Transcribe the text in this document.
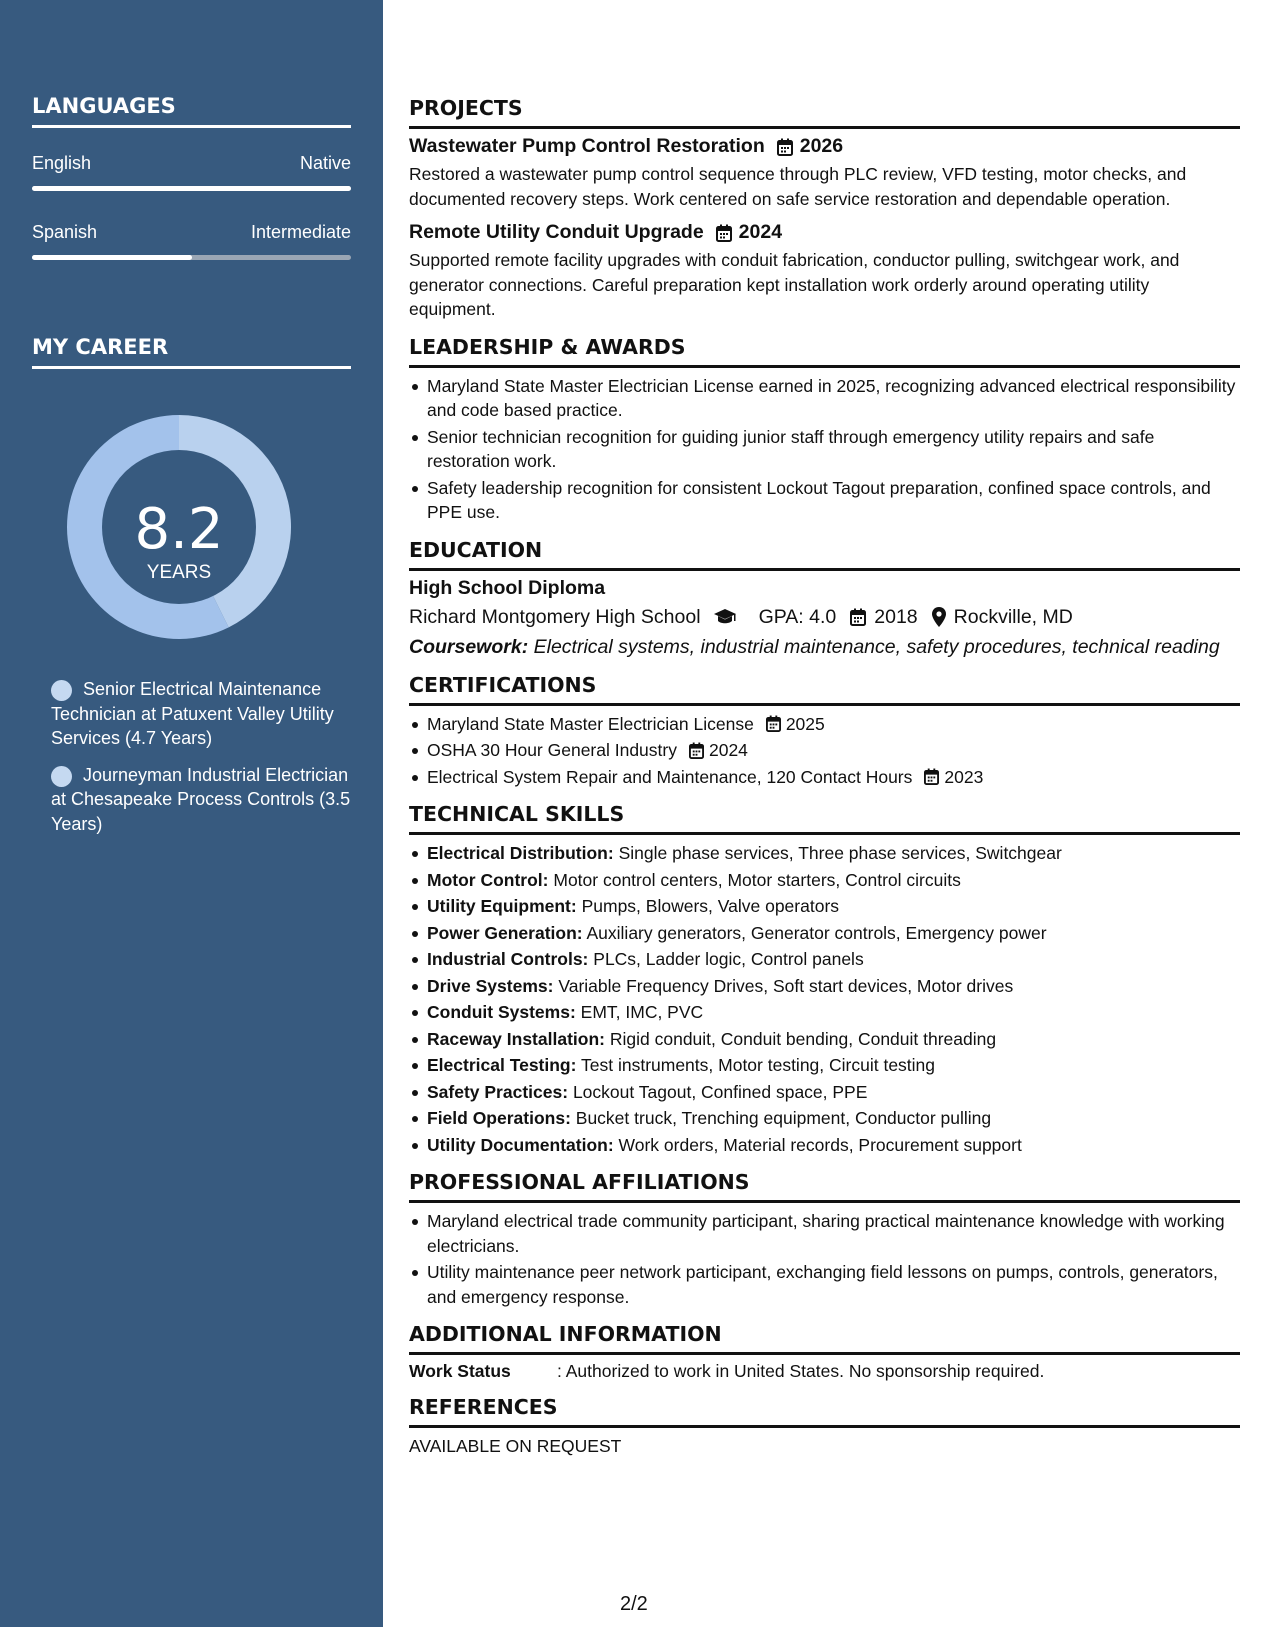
LANGUAGES
English	Native
Spanish	Intermediate
MY CAREER
8.2
YEARS
Senior Electrical Maintenance Technician at Patuxent Valley Utility Services (4.7 Years)
Journeyman Industrial Electrician at Chesapeake Process Controls (3.5 Years)
PROJECTS
Wastewater Pump Control Restoration 2026
Restored a wastewater pump control sequence through PLC review, VFD testing, motor checks, and documented recovery steps. Work centered on safe service restoration and dependable operation.
Remote Utility Conduit Upgrade 2024
Supported remote facility upgrades with conduit fabrication, conductor pulling, switchgear work, and generator connections. Careful preparation kept installation work orderly around operating utility equipment.
LEADERSHIP & AWARDS
Maryland State Master Electrician License earned in 2025, recognizing advanced electrical responsibility and code based practice.
Senior technician recognition for guiding junior staff through emergency utility repairs and safe restoration work.
Safety leadership recognition for consistent Lockout Tagout preparation, confined space controls, and PPE use.
EDUCATION
High School Diploma
Richard Montgomery High School	GPA: 4.0 2018 Rockville, MD
Coursework: Electrical systems, industrial maintenance, safety procedures, technical reading
CERTIFICATIONS
Maryland State Master Electrician License 2025
OSHA 30 Hour General Industry 2024
Electrical System Repair and Maintenance, 120 Contact Hours 2023
TECHNICAL SKILLS
Electrical Distribution: Single phase services, Three phase services, Switchgear
Motor Control: Motor control centers, Motor starters, Control circuits
Utility Equipment: Pumps, Blowers, Valve operators
Power Generation: Auxiliary generators, Generator controls, Emergency power
Industrial Controls: PLCs, Ladder logic, Control panels
Drive Systems: Variable Frequency Drives, Soft start devices, Motor drives
Conduit Systems: EMT, IMC, PVC
Raceway Installation: Rigid conduit, Conduit bending, Conduit threading
Electrical Testing: Test instruments, Motor testing, Circuit testing
Safety Practices: Lockout Tagout, Confined space, PPE
Field Operations: Bucket truck, Trenching equipment, Conductor pulling
Utility Documentation: Work orders, Material records, Procurement support
PROFESSIONAL AFFILIATIONS
Maryland electrical trade community participant, sharing practical maintenance knowledge with working electricians.
Utility maintenance peer network participant, exchanging field lessons on pumps, controls, generators, and emergency response.
ADDITIONAL INFORMATION
Work Status	: Authorized to work in United States. No sponsorship required.
REFERENCES
AVAILABLE ON REQUEST
2/2
